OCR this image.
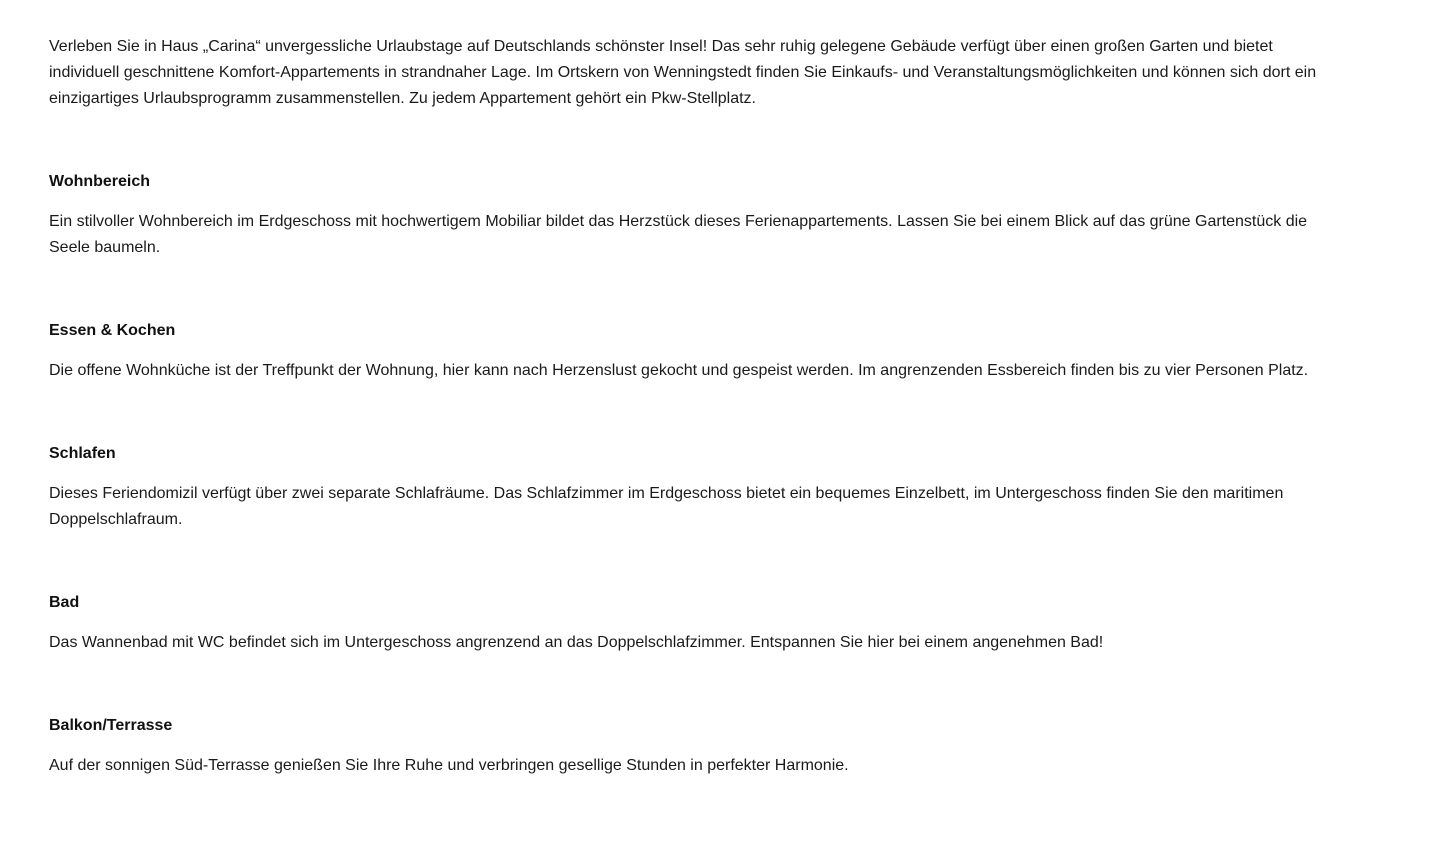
Verleben Sie in Haus „Carina“ unvergessliche Urlaubstage auf Deutschlands schönster Insel! Das sehr ruhig gelegene Gebäude verfügt über einen großen Garten und bietet individuell geschnittene Komfort-Appartements in strandnaher Lage. Im Ortskern von Wenningstedt finden Sie Einkaufs- und Veranstaltungsmöglichkeiten und können sich dort ein einzigartiges Urlaubsprogramm zusammenstellen. Zu jedem Appartement gehört ein Pkw-Stellplatz.

Wohnbereich

Ein stilvoller Wohnbereich im Erdgeschoss mit hochwertigem Mobiliar bildet das Herzstück dieses Ferienappartements. Lassen Sie bei einem Blick auf das grüne Gartenstück die Seele baumeln.

Essen & Kochen

Die offene Wohnküche ist der Treffpunkt der Wohnung, hier kann nach Herzenslust gekocht und gespeist werden. Im angrenzenden Essbereich finden bis zu vier Personen Platz.

Schlafen

Dieses Feriendomizil verfügt über zwei separate Schlafräume. Das Schlafzimmer im Erdgeschoss bietet ein bequemes Einzelbett, im Untergeschoss finden Sie den maritimen Doppelschlafraum.

Bad

Das Wannenbad mit WC befindet sich im Untergeschoss angrenzend an das Doppelschlafzimmer. Entspannen Sie hier bei einem angenehmen Bad!

Balkon/Terrasse

Auf der sonnigen Süd-Terrasse genießen Sie Ihre Ruhe und verbringen gesellige Stunden in perfekter Harmonie.
